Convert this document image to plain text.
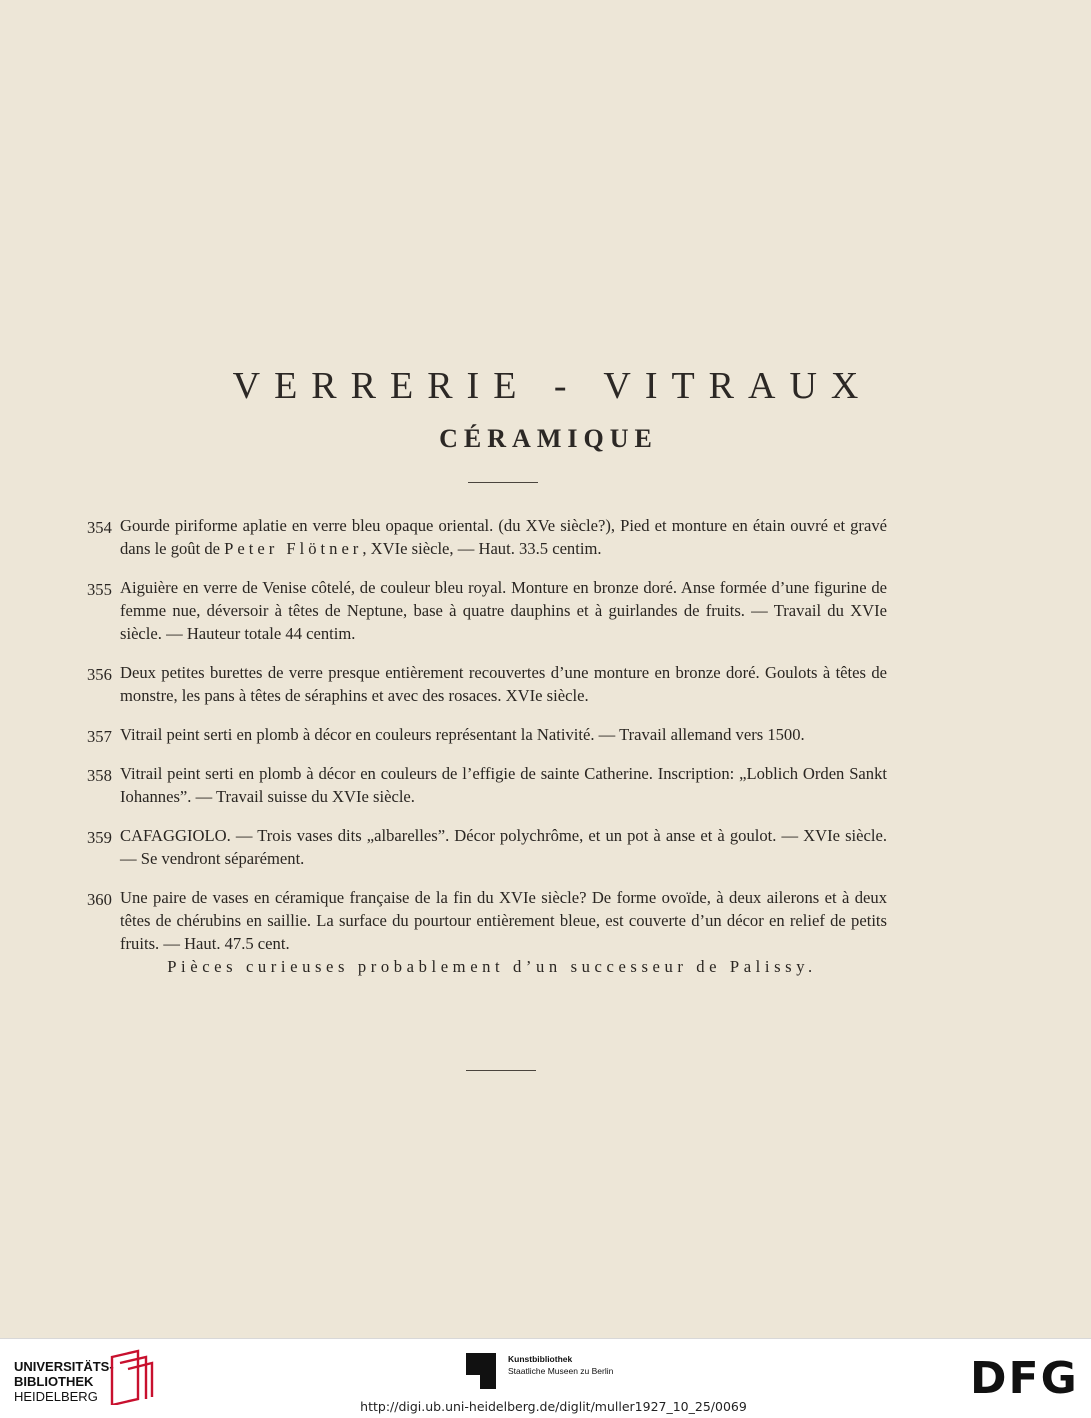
VERRERIE - VITRAUX
CÉRAMIQUE
354 Gourde piriforme aplatie en verre bleu opaque oriental. (du XVe siècle?), Pied et monture en étain ouvré et gravé dans le goût de Peter Flötner, XVIe siècle, — Haut. 33.5 centim.
355 Aiguière en verre de Venise côtelé, de couleur bleu royal. Monture en bronze doré. Anse formée d’une figurine de femme nue, déversoir à têtes de Neptune, base à quatre dauphins et à guirlandes de fruits. — Travail du XVIe siècle. — Hauteur totale 44 centim.
356 Deux petites burettes de verre presque entièrement recouvertes d’une monture en bronze doré. Goulots à têtes de monstre, les pans à têtes de séraphins et avec des rosaces. XVIe siècle.
357 Vitrail peint serti en plomb à décor en couleurs représentant la Nativité. — Travail allemand vers 1500.
358 Vitrail peint serti en plomb à décor en couleurs de l’effigie de sainte Catherine. Inscription: „Loblich Orden Sankt Iohannes”. — Travail suisse du XVIe siècle.
359 CAFAGGIOLO. — Trois vases dits „albarelles”. Décor polychrôme, et un pot à anse et à goulot. — XVIe siècle. — Se vendront séparément.
360 Une paire de vases en céramique française de la fin du XVIe siècle? De forme ovoïde, à deux ailerons et à deux têtes de chérubins en saillie. La surface du pourtour entièrement bleue, est couverte d’un décor en relief de petits fruits. — Haut. 47.5 cent.
Pièces curieuses probablement d’un successeur de Palissy.
UNIVERSITÄTS-
BIBLIOTHEK
HEIDELBERG
Kunstbibliothek
Staatliche Museen zu Berlin	DFG
http://digi.ub.uni-heidelberg.de/diglit/muller1927_10_25/0069
